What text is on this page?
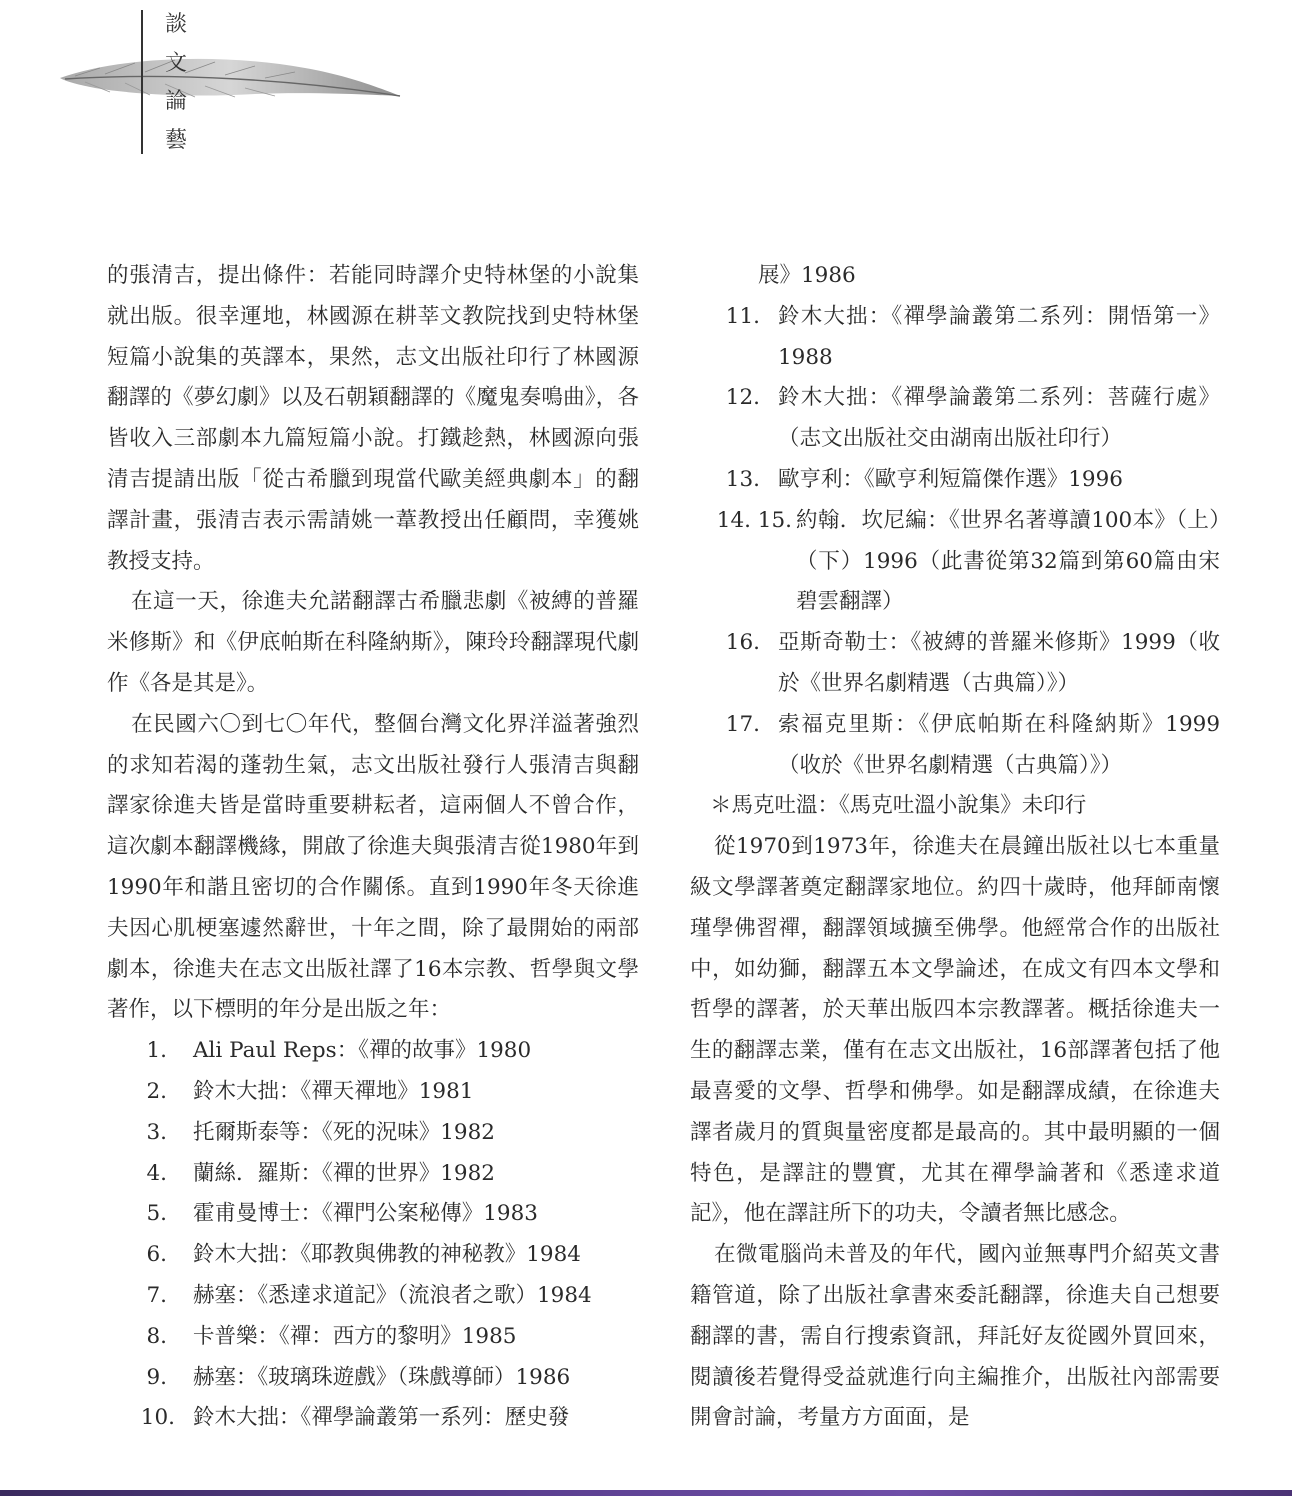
談
文
論
藝

的張清吉，提出條件：若能同時譯介史特林堡的小說集就出版。很幸運地，林國源在耕莘文教院找到史特林堡短篇小說集的英譯本，果然，志文出版社印行了林國源翻譯的《夢幻劇》以及石朝穎翻譯的《魔鬼奏鳴曲》，各皆收入三部劇本九篇短篇小說。打鐵趁熱，林國源向張清吉提請出版「從古希臘到現當代歐美經典劇本」的翻譯計畫，張清吉表示需請姚一葦教授出任顧問，幸獲姚教授支持。

在這一天，徐進夫允諾翻譯古希臘悲劇《被縛的普羅米修斯》和《伊底帕斯在科隆納斯》，陳玲玲翻譯現代劇作《各是其是》。

在民國六〇到七〇年代，整個台灣文化界洋溢著強烈的求知若渴的蓬勃生氣，志文出版社發行人張清吉與翻譯家徐進夫皆是當時重要耕耘者，這兩個人不曾合作，這次劇本翻譯機緣，開啟了徐進夫與張清吉從1980年到1990年和諧且密切的合作關係。直到1990年冬天徐進夫因心肌梗塞遽然辭世，十年之間，除了最開始的兩部劇本，徐進夫在志文出版社譯了16本宗教、哲學與文學著作，以下標明的年分是出版之年：

1.	Ali Paul Reps：《禪的故事》1980
2.	鈴木大拙：《禪天禪地》1981
3.	托爾斯泰等：《死的況味》1982
4.	蘭絲．羅斯：《禪的世界》1982
5.	霍甫曼博士：《禪門公案秘傳》1983
6.	鈴木大拙：《耶教與佛教的神秘教》1984
7.	赫塞：《悉達求道記》（流浪者之歌）1984
8.	卡普樂：《禪：西方的黎明》1985
9.	赫塞：《玻璃珠遊戲》（珠戲導師）1986
10. 鈴木大拙：《禪學論叢第一系列：歷史發
展》1986
11. 鈴木大拙：《禪學論叢第二系列：開悟第一》1988
12. 鈴木大拙：《禪學論叢第二系列：菩薩行處》（志文出版社交由湖南出版社印行）
13. 歐亨利：《歐亨利短篇傑作選》1996
14. 15. 約翰．坎尼編：《世界名著導讀100本》（上）（下）1996（此書從第32篇到第60篇由宋碧雲翻譯）
16. 亞斯奇勒士：《被縛的普羅米修斯》1999（收於《世界名劇精選（古典篇）》）
17. 索福克里斯：《伊底帕斯在科隆納斯》1999（收於《世界名劇精選（古典篇）》）
＊馬克吐溫：《馬克吐溫小說集》未印行

從1970到1973年，徐進夫在晨鐘出版社以七本重量級文學譯著奠定翻譯家地位。約四十歲時，他拜師南懷瑾學佛習禪，翻譯領域擴至佛學。他經常合作的出版社中，如幼獅，翻譯五本文學論述，在成文有四本文學和哲學的譯著，於天華出版四本宗教譯著。概括徐進夫一生的翻譯志業，僅有在志文出版社，16部譯著包括了他最喜愛的文學、哲學和佛學。如是翻譯成績，在徐進夫譯者歲月的質與量密度都是最高的。其中最明顯的一個特色，是譯註的豐實，尤其在禪學論著和《悉達求道記》，他在譯註所下的功夫，令讀者無比感念。

在微電腦尚未普及的年代，國內並無專門介紹英文書籍管道，除了出版社拿書來委託翻譯，徐進夫自己想要翻譯的書，需自行搜索資訊，拜託好友從國外買回來，閱讀後若覺得受益就進行向主編推介，出版社內部需要開會討論，考量方方面面，是
